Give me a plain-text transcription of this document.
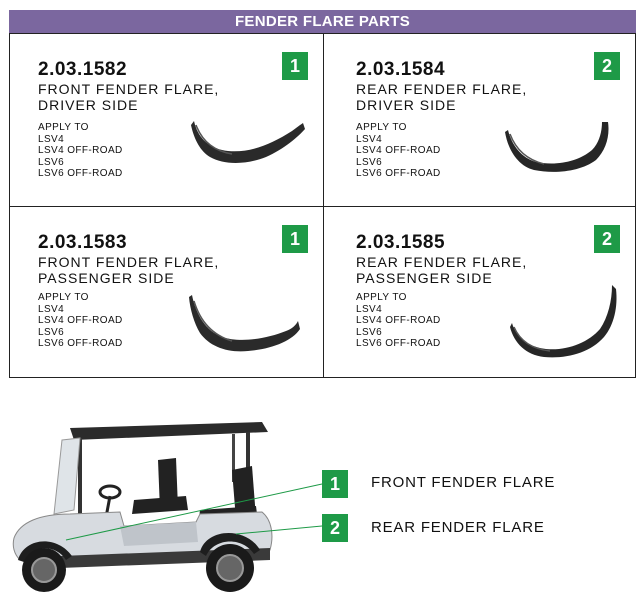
FENDER FLARE PARTS
2.03.1582
FRONT FENDER FLARE,
DRIVER SIDE
APPLY TO
LSV4
LSV4 OFF-ROAD
LSV6
LSV6 OFF-ROAD
1	2.03.1584
REAR FENDER FLARE,
DRIVER SIDE
APPLY TO
LSV4
LSV4 OFF-ROAD
LSV6
LSV6 OFF-ROAD
2
2.03.1583
FRONT FENDER FLARE,
PASSENGER SIDE
APPLY TO
LSV4
LSV4 OFF-ROAD
LSV6
LSV6 OFF-ROAD
1	2.03.1585
REAR FENDER FLARE,
PASSENGER SIDE
APPLY TO
LSV4
LSV4 OFF-ROAD
LSV6
LSV6 OFF-ROAD
2
1	FRONT FENDER FLARE
2	REAR FENDER FLARE
